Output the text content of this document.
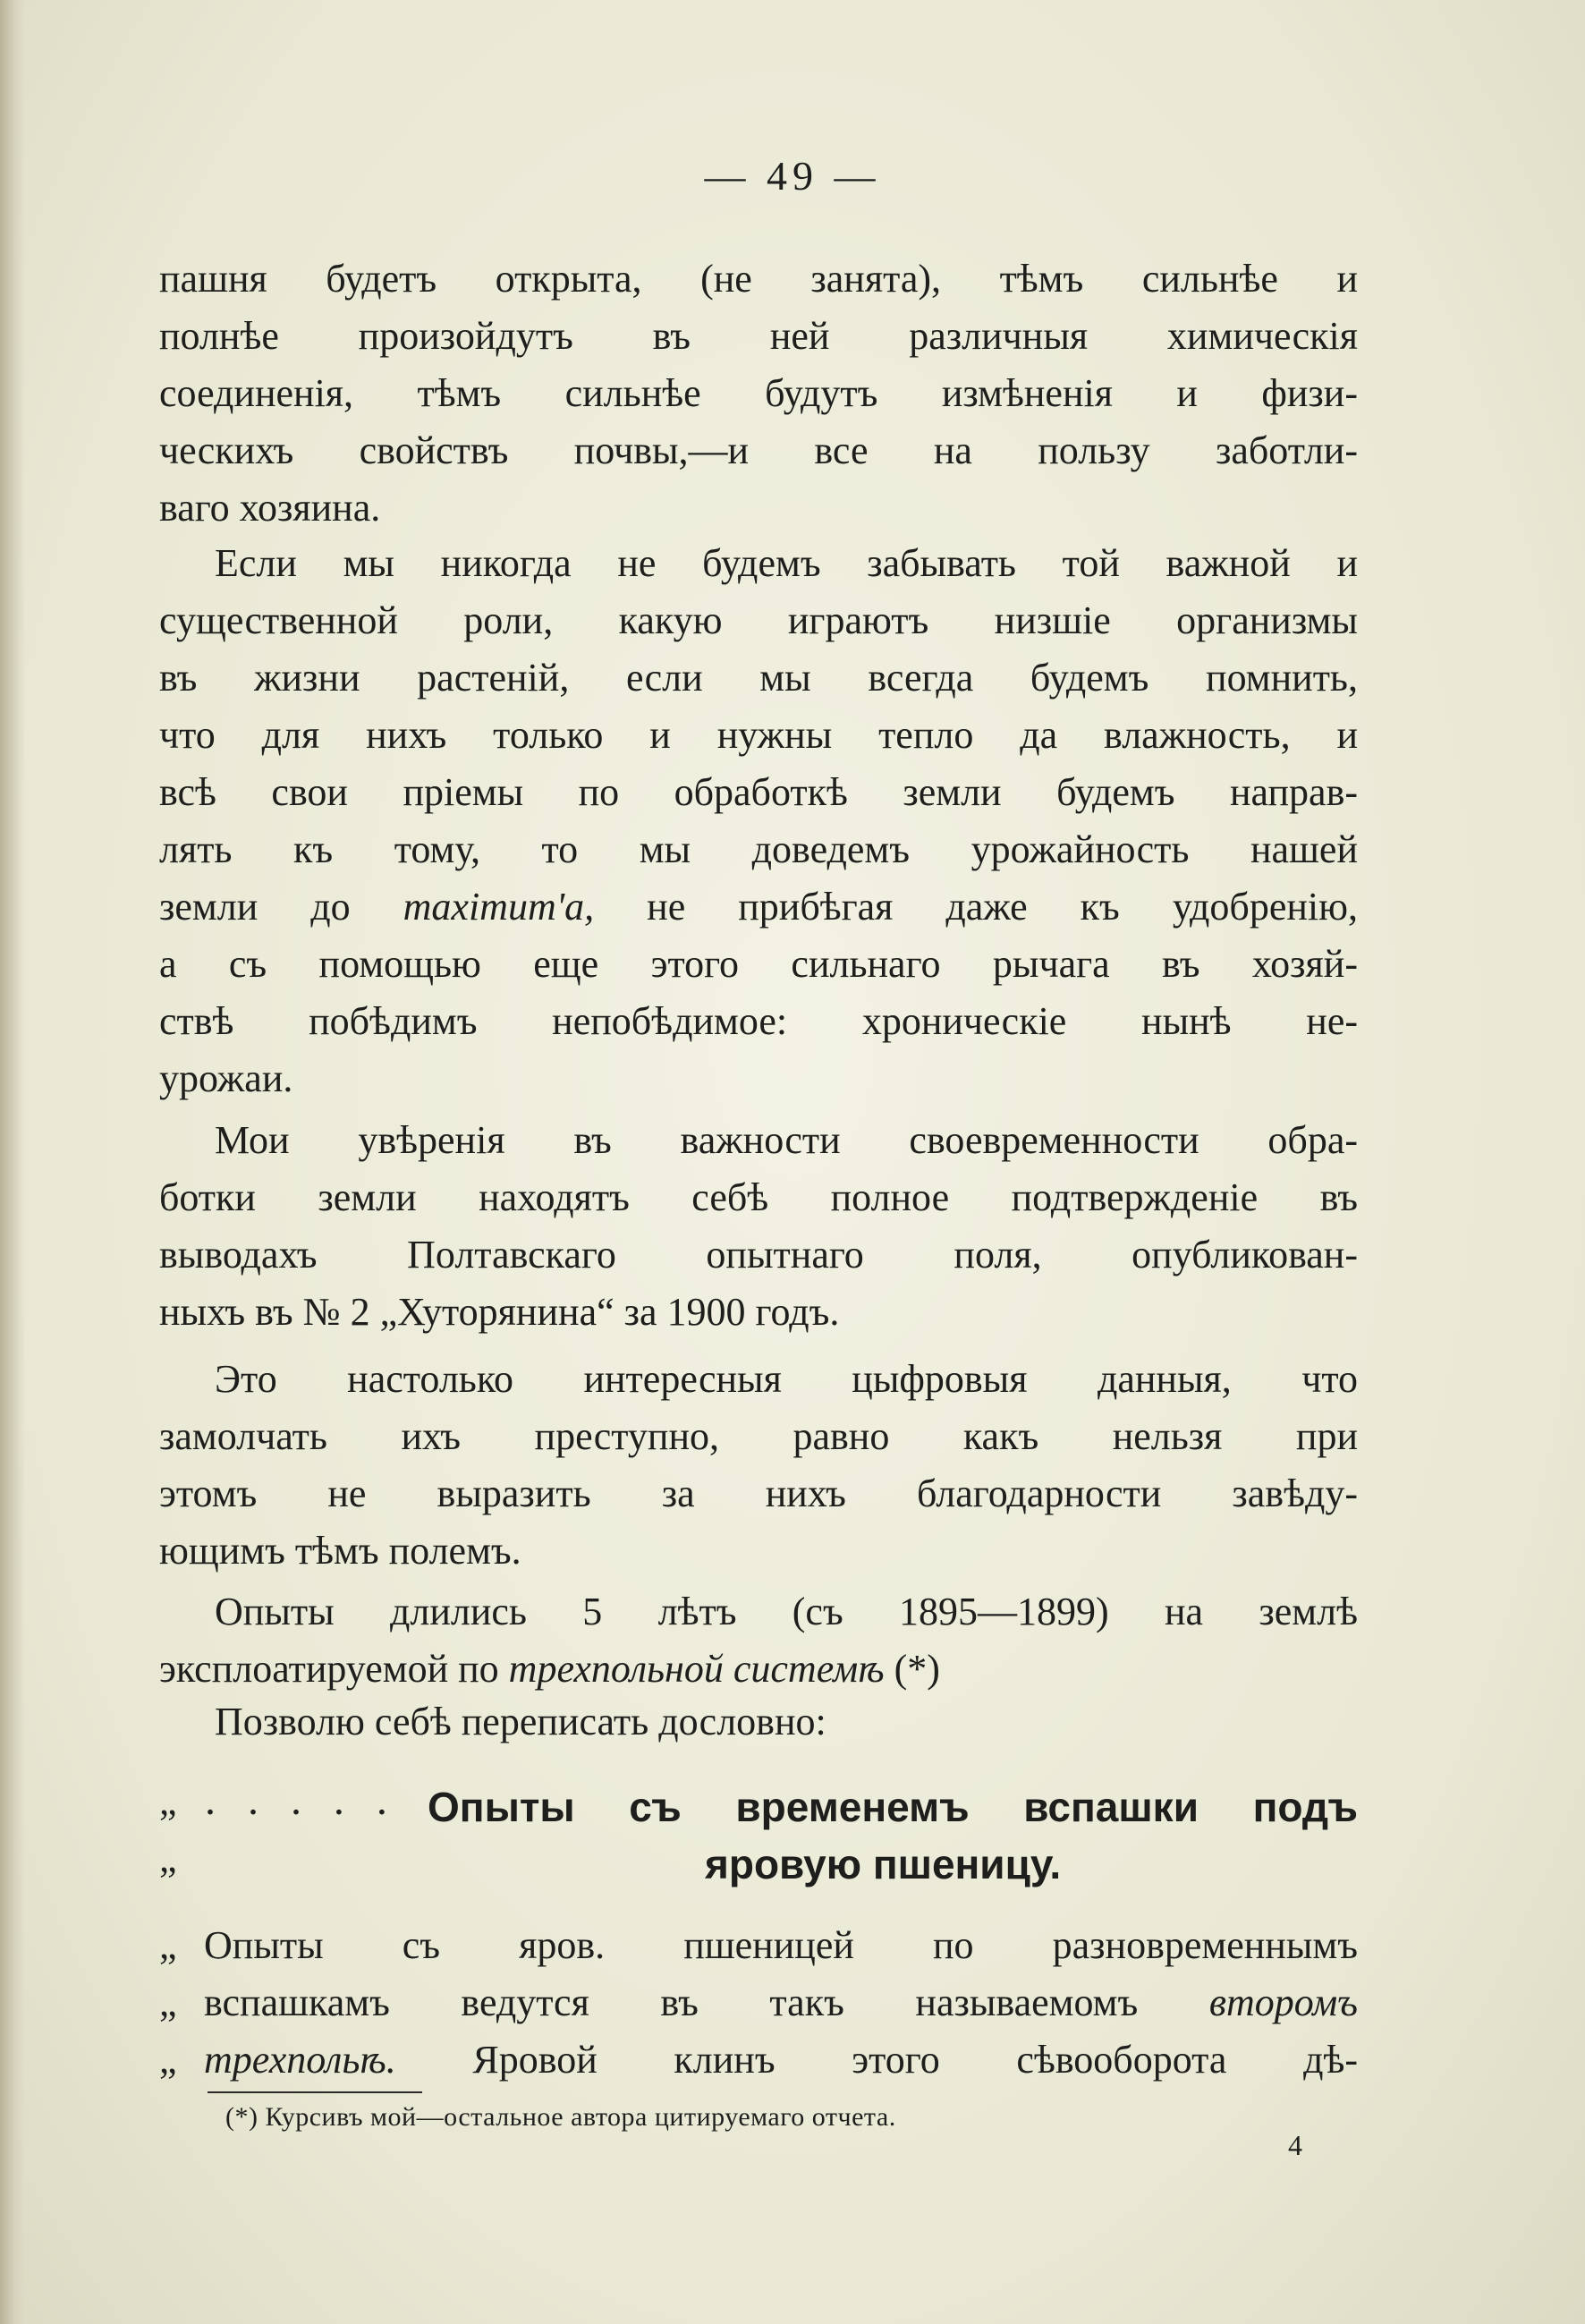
— 49 —
пашня будетъ открыта, (не занята), тѣмъ сильнѣе и
полнѣе произойдутъ въ ней различныя химическія
соединенія, тѣмъ сильнѣе будутъ измѣненія и физи-
ческихъ свойствъ почвы,—и все на пользу заботли-
ваго хозяина.
Если мы никогда не будемъ забывать той важной и
существенной роли, какую играютъ низшіе организмы
въ жизни растеній, если мы всегда будемъ помнить,
что для нихъ только и нужны тепло да влажность, и
всѣ свои пріемы по обработкѣ земли будемъ направ-
лять къ тому, то мы доведемъ урожайность нашей
земли до maximum'а, не прибѣгая даже къ удобренію,
а съ помощью еще этого сильнаго рычага въ хозяй-
ствѣ побѣдимъ непобѣдимое: хроническіе нынѣ не-
урожаи.
Мои увѣренія въ важности своевременности обра-
ботки земли находятъ себѣ полное подтвержденіе въ
выводахъ Полтавскаго опытнаго поля, опубликован-
ныхъ въ № 2 „Хуторянина“ за 1900 годъ.
Это настолько интересныя цыфровыя данныя, что
замолчать ихъ преступно, равно какъ нельзя при
этомъ не выразить за нихъ благодарности завѣду-
ющимъ тѣмъ полемъ.
Опыты длились 5 лѣтъ (съ 1895—1899) на землѣ
эксплоатируемой по трехпольной системѣ (*)
Позволю себѣ переписать дословно:
„ . . . . .
„
Опыты съ временемъ вспашки подъ
яровую пшеницу.
„ Опыты съ яров. пшеницей по разновременнымъ
„ вспашкамъ ведутся въ такъ называемомъ второмъ
„ трехпольѣ. Яровой клинъ этого сѣвооборота дѣ-
(*) Курсивъ мой—остальное автора цитируемаго отчета.
4
